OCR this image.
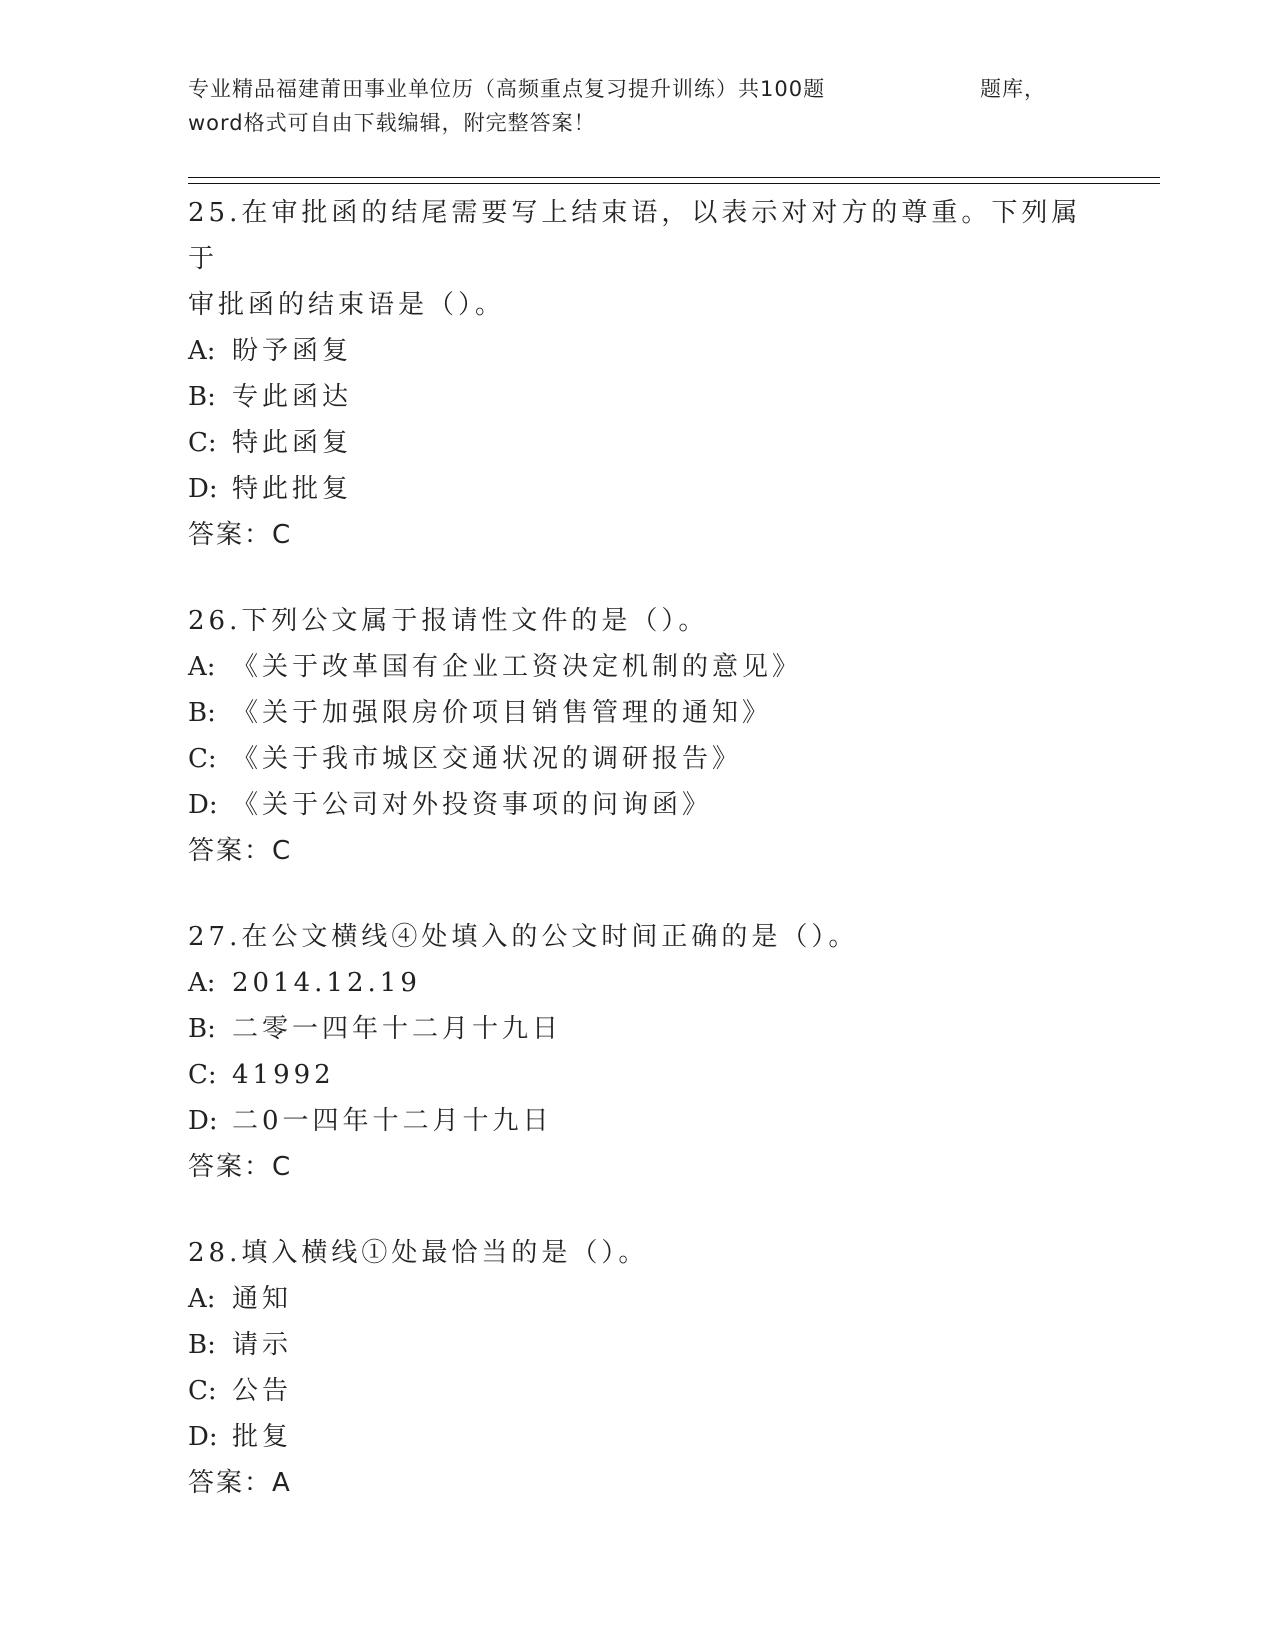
专业精品福建莆田事业单位历（高频重点复习提升训练）共100题	题库，
word格式可自由下载编辑，附完整答案！
25.在审批函的结尾需要写上结束语，以表示对对方的尊重。下列属于
审批函的结束语是（）。
A: 盼予函复
B: 专此函达
C: 特此函复
D: 特此批复
答案：C
26.下列公文属于报请性文件的是（）。
A: 《关于改革国有企业工资决定机制的意见》
B: 《关于加强限房价项目销售管理的通知》
C: 《关于我市城区交通状况的调研报告》
D: 《关于公司对外投资事项的问询函》
答案：C
27.在公文横线④处填入的公文时间正确的是（）。
A: 2014.12.19
B: 二零一四年十二月十九日
C: 41992
D: 二0一四年十二月十九日
答案：C
28.填入横线①处最恰当的是（）。
A: 通知
B: 请示
C: 公告
D: 批复
答案：A
